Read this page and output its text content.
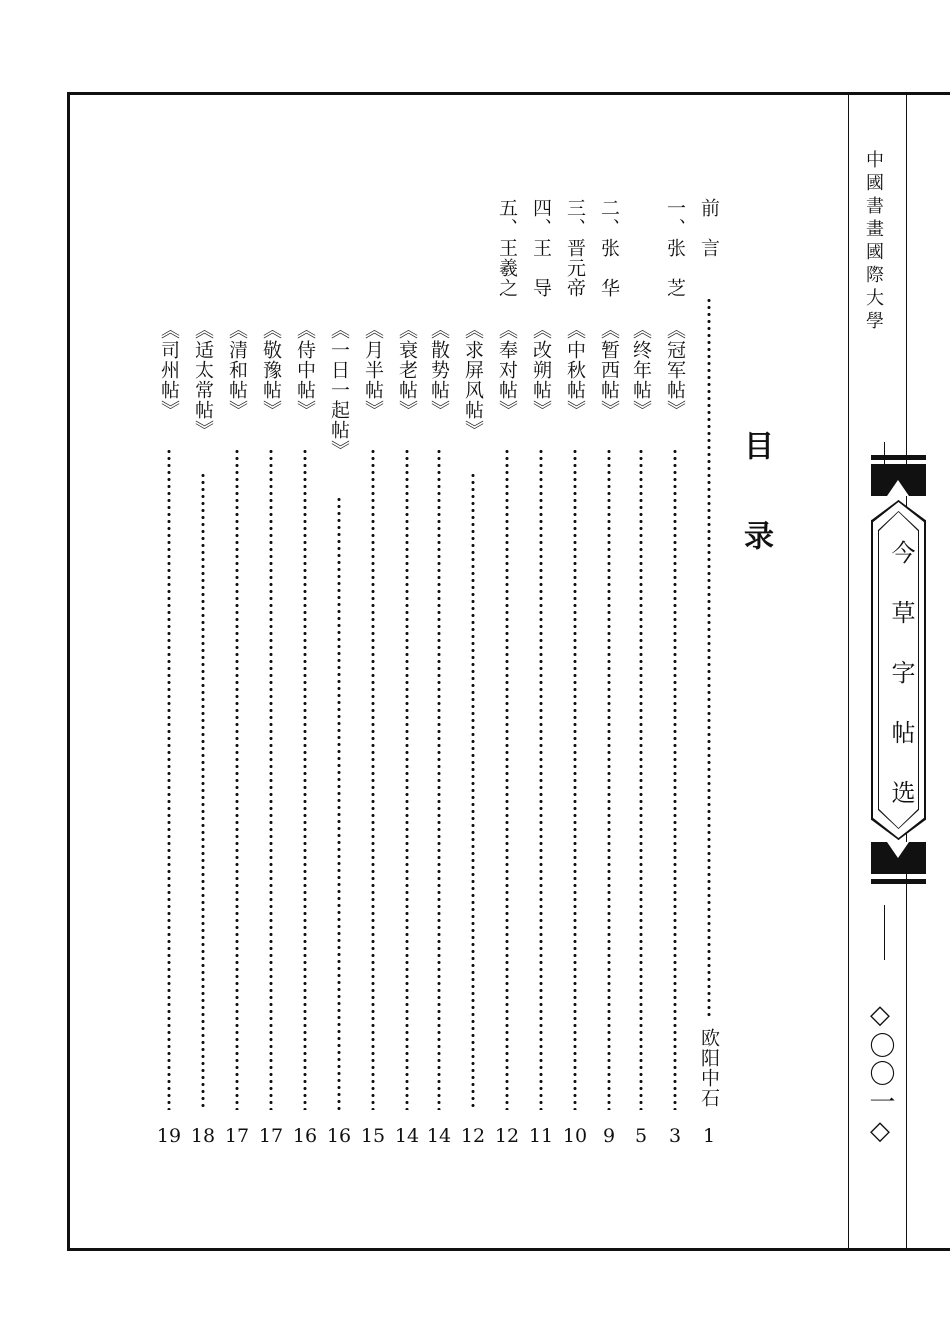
中國書畫國際大學
今草字帖选
◇〇〇一◇
目录
前　言
欧阳中石
1
一、张　芝
《冠军帖》
3
《终年帖》
5
二、张　华
《暂西帖》
9
三、晋元帝
《中秋帖》
10
四、王　导
《改朔帖》
11
五、王羲之
《奉对帖》
12
《求屏风帖》
12
《散势帖》
14
《衰老帖》
14
《月半帖》
15
《一日一起帖》
16
《侍中帖》
16
《敬豫帖》
17
《清和帖》
17
《适太常帖》
18
《司州帖》
19
